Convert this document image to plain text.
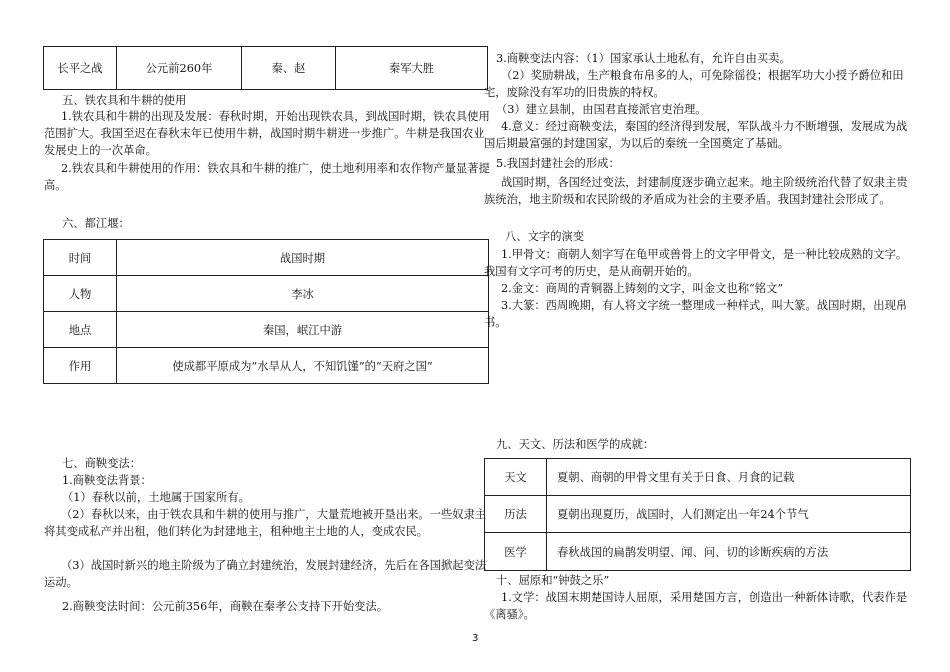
长平之战	公元前260年	秦、赵	秦军大胜
五、铁农具和牛耕的使用
1.铁农具和牛耕的出现及发展：春秋时期，开始出现铁农具，到战国时期，铁农具使用范围扩大。我国至迟在春秋末年已使用牛耕，战国时期牛耕进一步推广。牛耕是我国农业发展史上的一次革命。
2.铁农具和牛耕使用的作用：铁农具和牛耕的推广，使土地利用率和农作物产量显著提高。
六、都江堰：
时间	战国时期
人物	李冰
地点	秦国，岷江中游
作用	使成都平原成为“水旱从人，不知饥馑”的“天府之国”
七、商鞅变法：
1.商鞅变法背景：
（1）春秋以前，土地属于国家所有。
（2）春秋以来，由于铁农具和牛耕的使用与推广，大量荒地被开垦出来。一些奴隶主将其变成私产并出租，他们转化为封建地主，租种地主土地的人，变成农民。
（3）战国时新兴的地主阶级为了确立封建统治，发展封建经济，先后在各国掀起变法运动。
2.商鞅变法时间：公元前356年，商鞅在秦孝公支持下开始变法。
3.商鞅变法内容：（1）国家承认土地私有，允许自由买卖。
（2）奖励耕战，生产粮食布帛多的人，可免除徭役；根据军功大小授予爵位和田宅，废除没有军功的旧贵族的特权。
（3）建立县制，由国君直接派官吏治理。
4.意义：经过商鞅变法，秦国的经济得到发展，军队战斗力不断增强，发展成为战国后期最富强的封建国家，为以后的秦统一全国奠定了基础。
5.我国封建社会的形成：
战国时期，各国经过变法，封建制度逐步确立起来。地主阶级统治代替了奴隶主贵族统治，地主阶级和农民阶级的矛盾成为社会的主要矛盾。我国封建社会形成了。
八、文字的演变
1.甲骨文：商朝人刻字写在龟甲或兽骨上的文字甲骨文，是一种比较成熟的文字。我国有文字可考的历史，是从商朝开始的。
2.金文：商周的青铜器上铸刻的文字，叫金文也称“铭文”
3.大篆：西周晚期，有人将文字统一整理成一种样式，叫大篆。战国时期，出现帛书。
九、天文、历法和医学的成就：
天文	夏朝、商朝的甲骨文里有关于日食、月食的记载
历法	夏朝出现夏历，战国时，人们测定出一年24个节气
医学	春秋战国的扁鹊发明望、闻、问、切的诊断疾病的方法
十、屈原和“钟鼓之乐”
1.文学：战国末期楚国诗人屈原，采用楚国方言，创造出一种新体诗歌，代表作是《离骚》。
3
